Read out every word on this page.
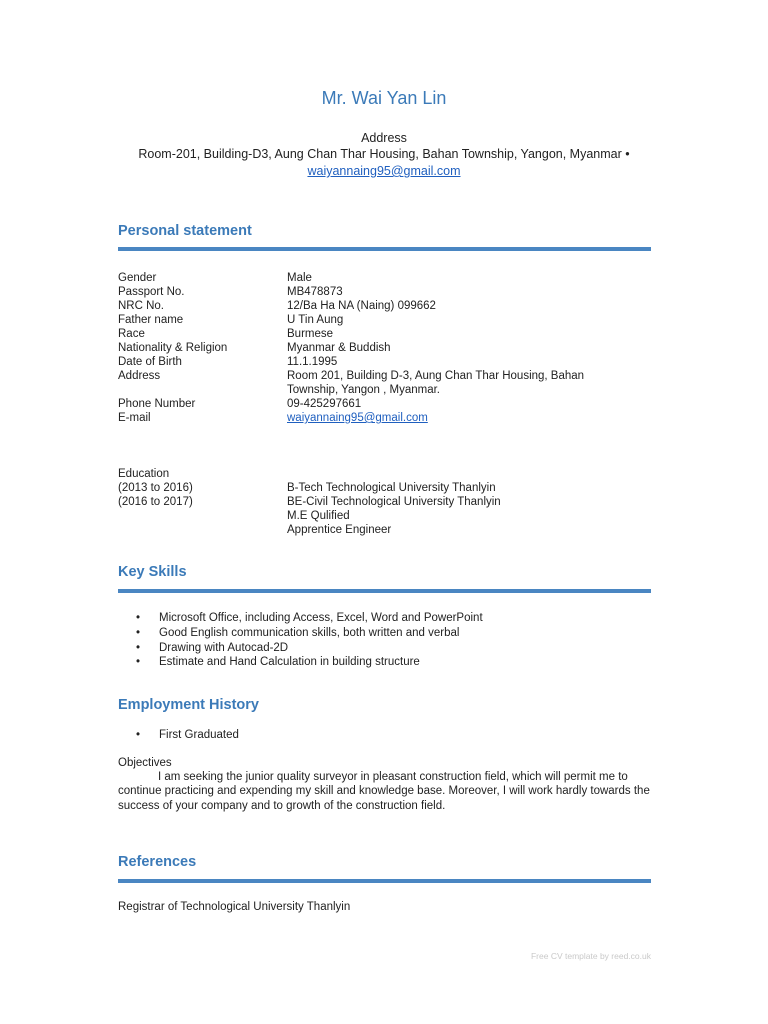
Mr. Wai Yan Lin
Address
Room-201, Building-D3, Aung Chan Thar Housing, Bahan Township, Yangon, Myanmar •
waiyannaing95@gmail.com
Personal statement
Gender	Male
Passport No.	MB478873
NRC No.	12/Ba Ha NA (Naing) 099662
Father name	U Tin Aung
Race	Burmese
Nationality & Religion	Myanmar & Buddish
Date of Birth	11.1.1995
Address	Room 201, Building D-3, Aung Chan Thar Housing, Bahan Township, Yangon , Myanmar.
Phone Number	09-425297661
E-mail	waiyannaing95@gmail.com
Education
(2013 to 2016)	B-Tech Technological University Thanlyin
(2016 to 2017)	BE-Civil Technological University Thanlyin
M.E Qulified
Apprentice Engineer
Key Skills
• Microsoft Office, including Access, Excel, Word and PowerPoint
• Good English communication skills, both written and verbal
• Drawing with Autocad-2D
• Estimate and Hand Calculation in building structure
Employment History
• First Graduated
Objectives
I am seeking the junior quality surveyor in pleasant construction field, which will permit me to
continue practicing and expending my skill and knowledge base. Moreover, I will work hardly towards the success of your company and to growth of the construction field.
References
Registrar of Technological University Thanlyin
Free CV template by reed.co.uk
